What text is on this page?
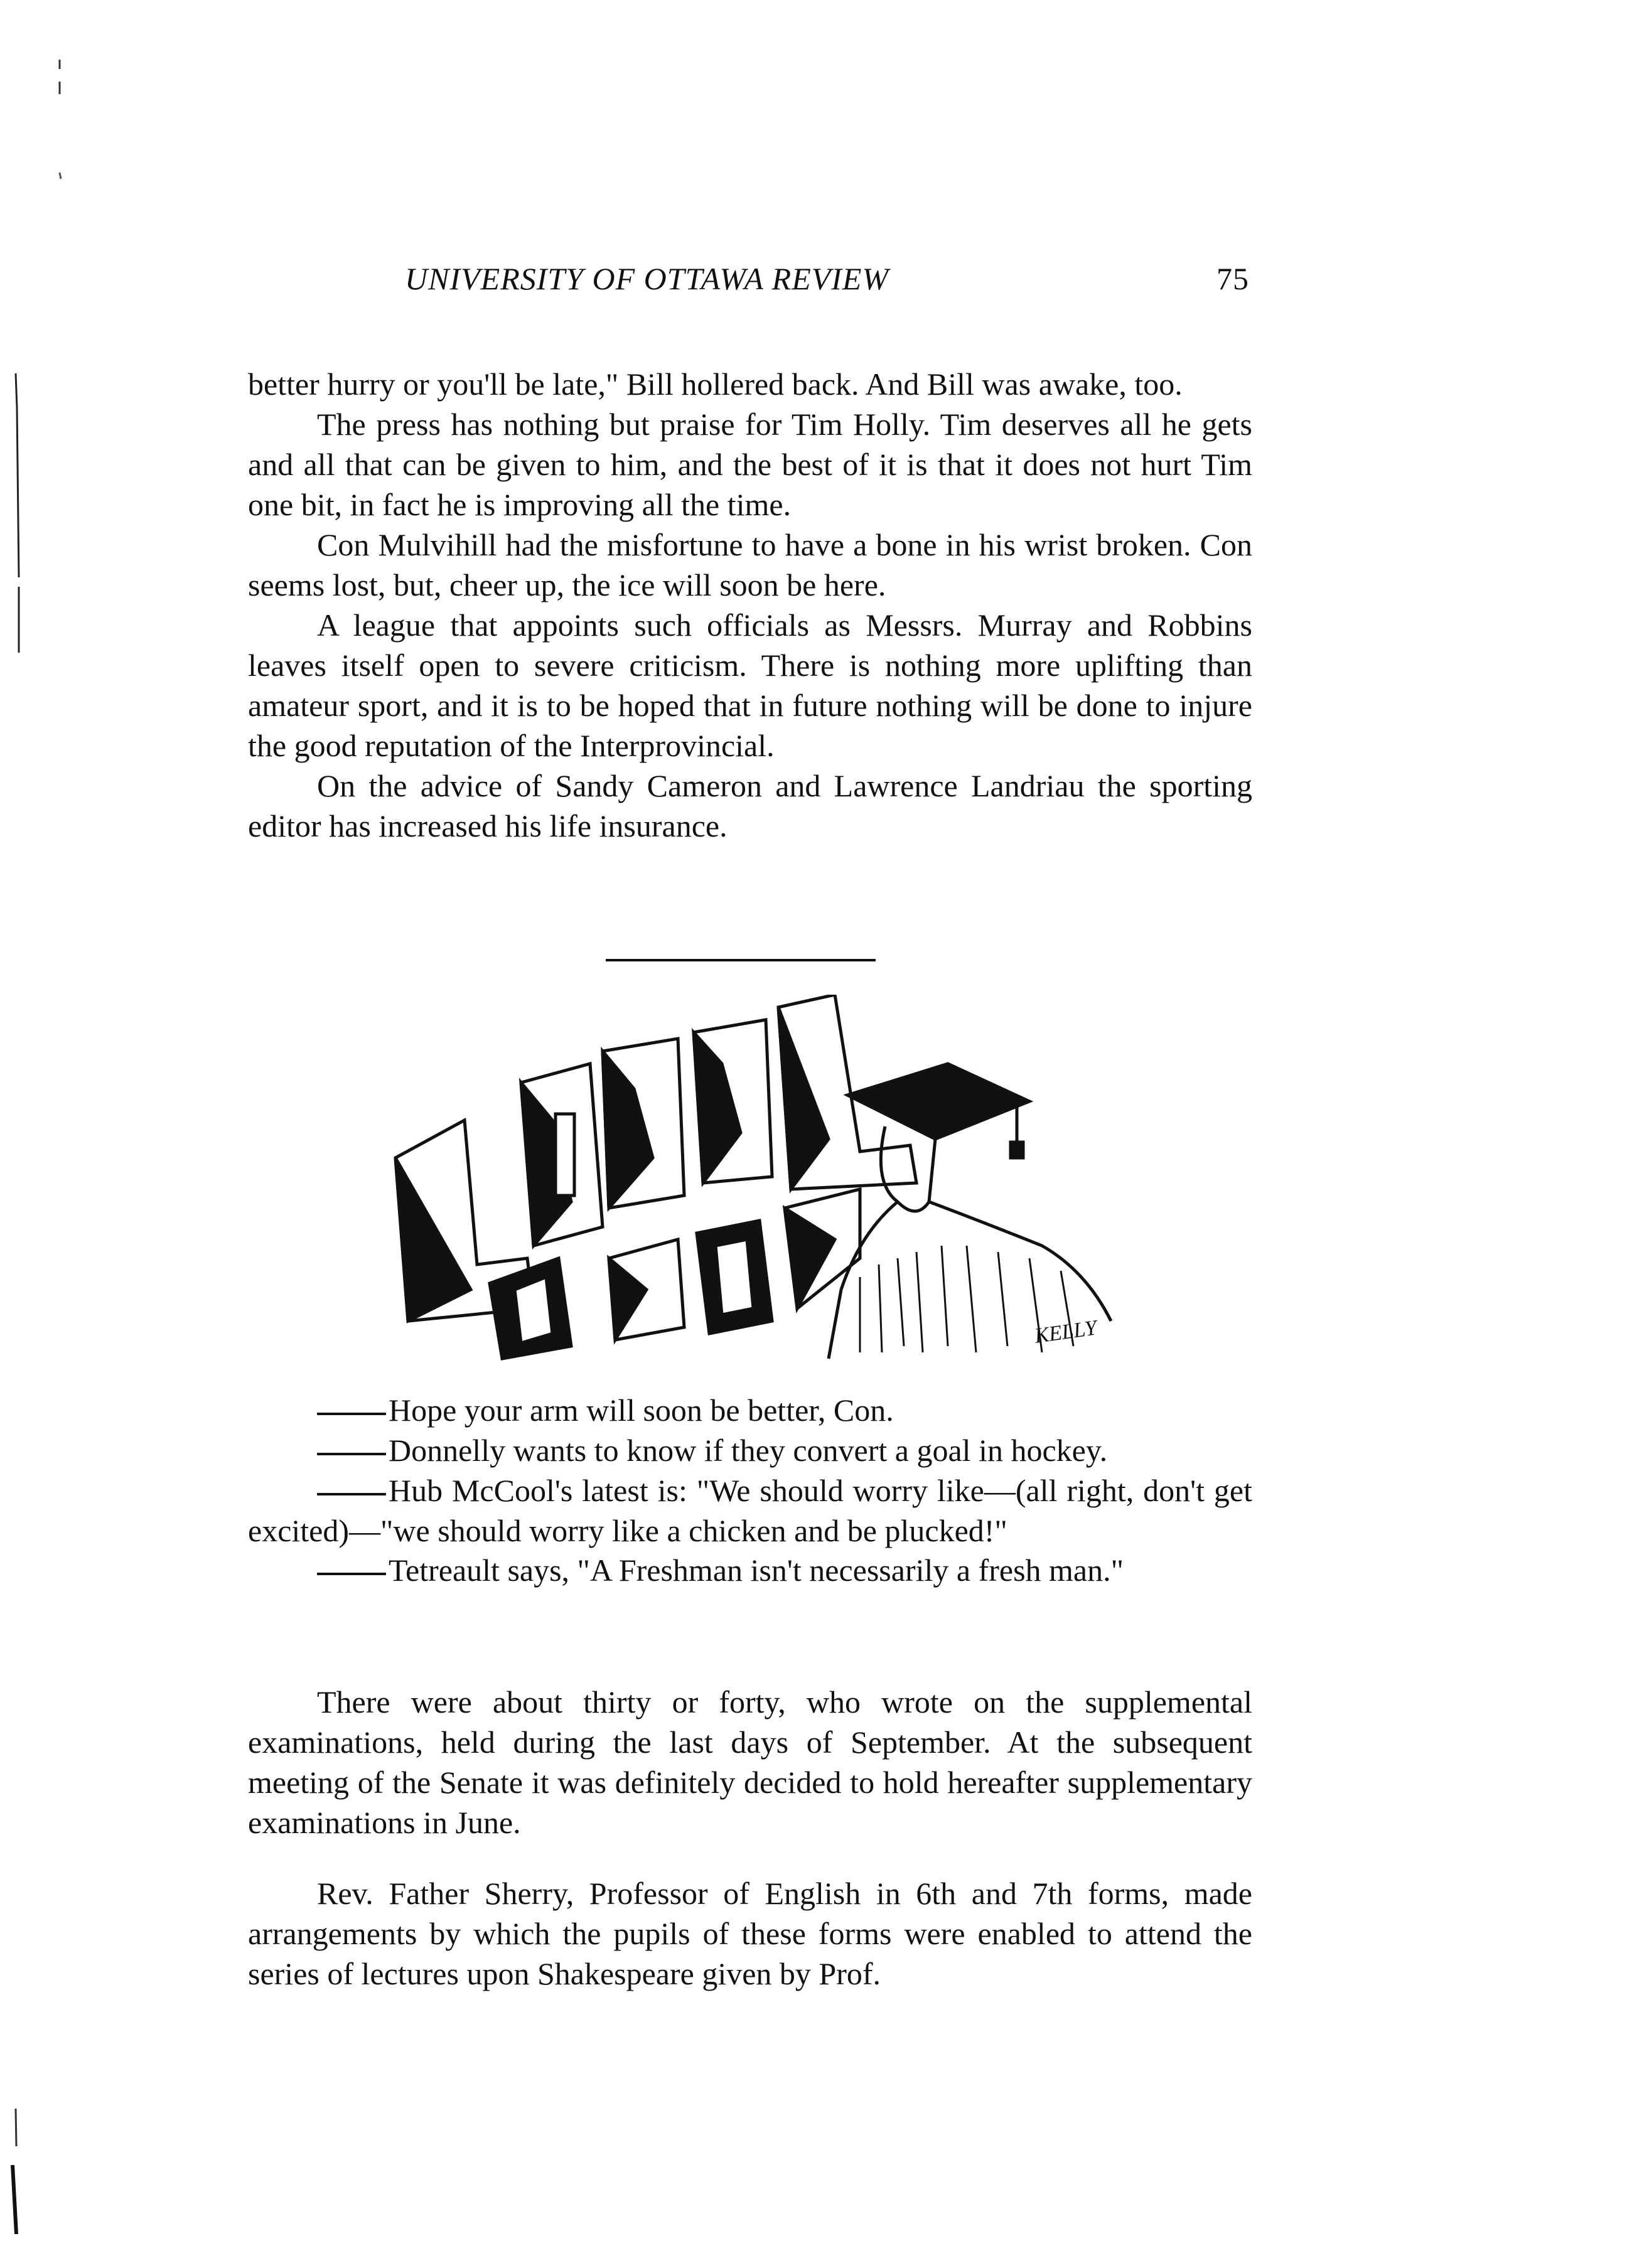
UNIVERSITY OF OTTAWA REVIEW	75

better hurry or you'll be late," Bill hollered back. And Bill was awake, too.

The press has nothing but praise for Tim Holly. Tim deserves all he gets and all that can be given to him, and the best of it is that it does not hurt Tim one bit, in fact he is improving all the time.

Con Mulvihill had the misfortune to have a bone in his wrist broken. Con seems lost, but, cheer up, the ice will soon be here.

A league that appoints such officials as Messrs. Murray and Robbins leaves itself open to severe criticism. There is nothing more uplifting than amateur sport, and it is to be hoped that in future nothing will be done to injure the good reputation of the Interprovincial.

On the advice of Sandy Cameron and Lawrence Landriau the sporting editor has increased his life insurance.

KELLY

Hope your arm will soon be better, Con.

Donnelly wants to know if they convert a goal in hockey.

Hub McCool's latest is: "We should worry like—(all right, don't get excited)—"we should worry like a chicken and be plucked!"

Tetreault says, "A Freshman isn't necessarily a fresh man."

There were about thirty or forty, who wrote on the supplemental examinations, held during the last days of September. At the subsequent meeting of the Senate it was definitely decided to hold hereafter supplementary examinations in June.

Rev. Father Sherry, Professor of English in 6th and 7th forms, made arrangements by which the pupils of these forms were enabled to attend the series of lectures upon Shakespeare given by Prof.
